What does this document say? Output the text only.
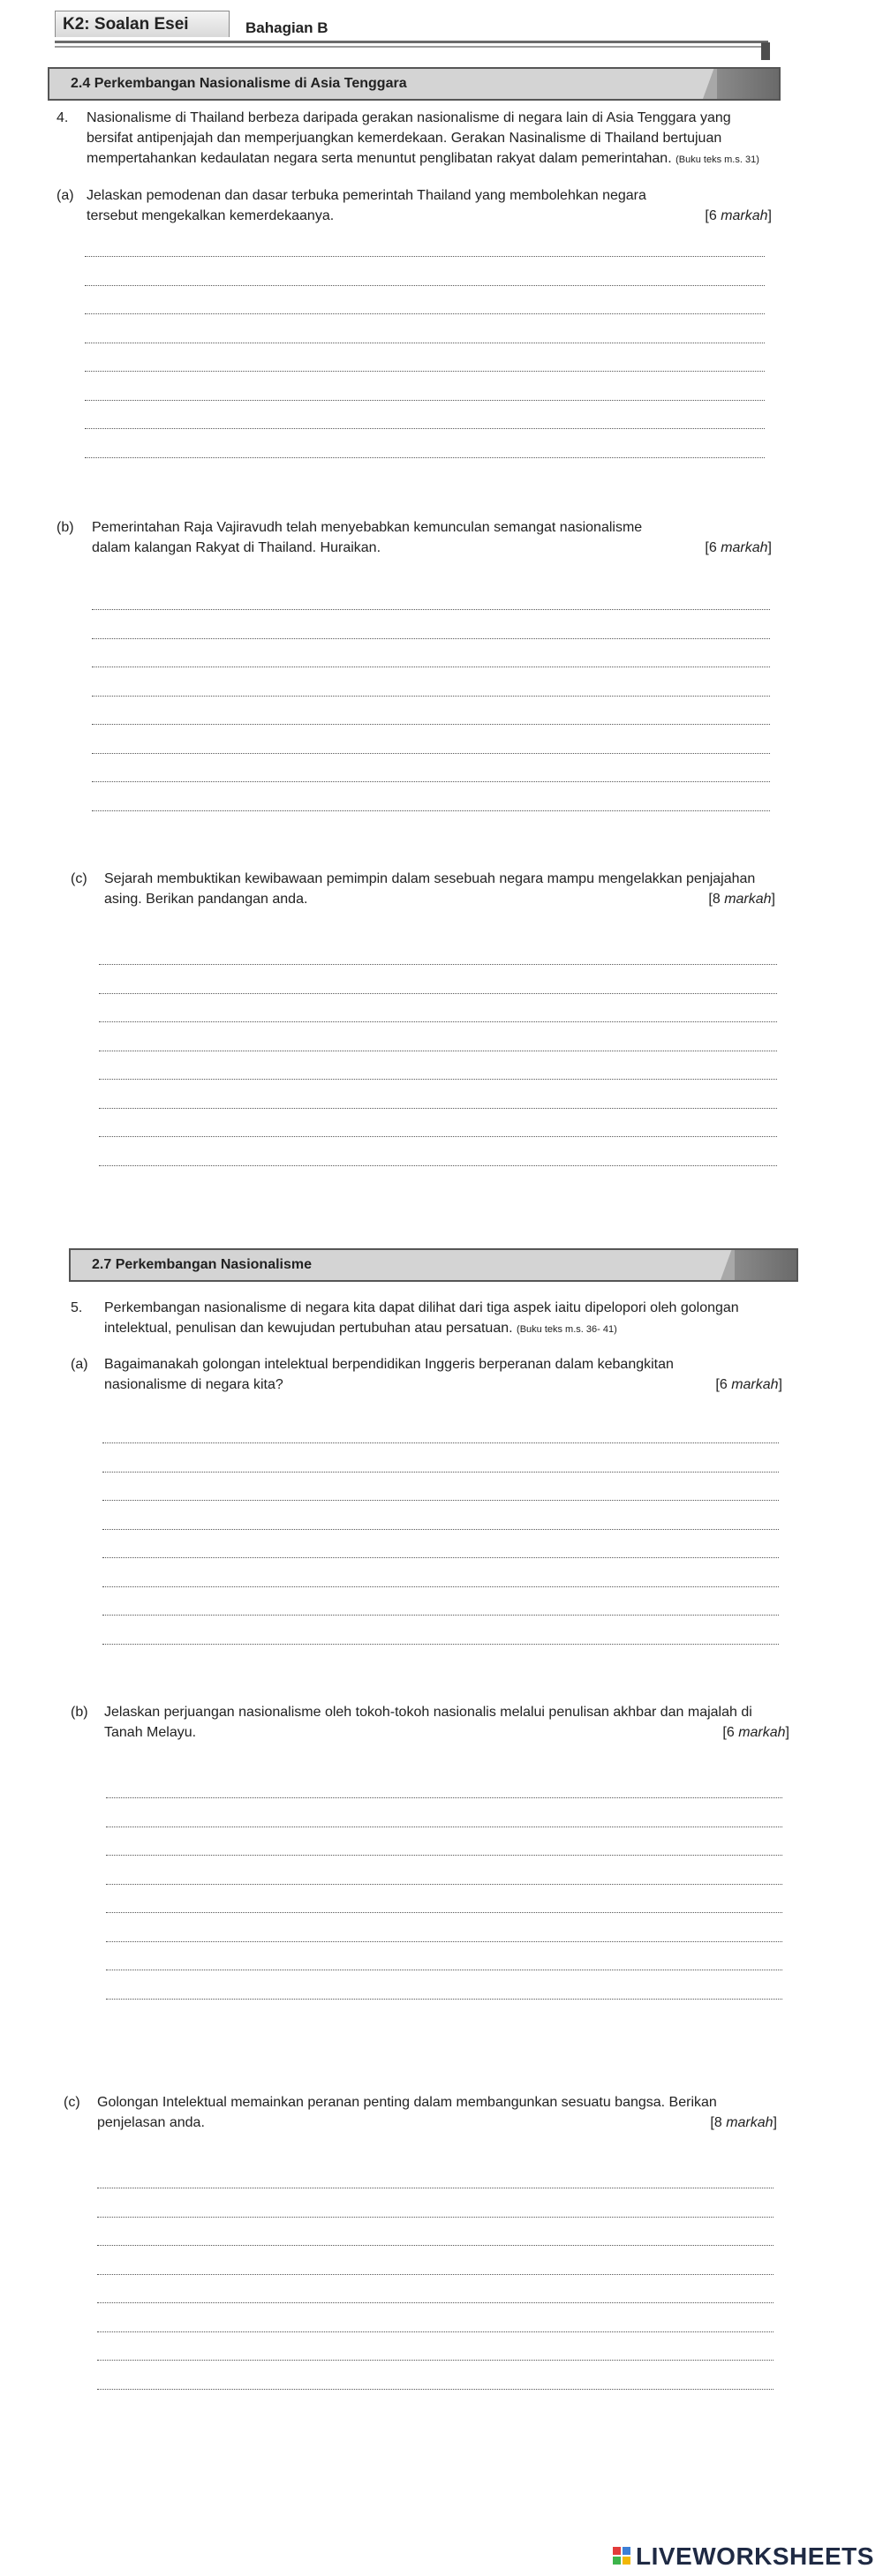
K2: Soalan Esei	Bahagian B
2.4 Perkembangan Nasionalisme di Asia Tenggara
4. Nasionalisme di Thailand berbeza daripada gerakan nasionalisme di negara lain di Asia Tenggara yang bersifat antipenjajah dan memperjuangkan kemerdekaan. Gerakan Nasinalisme di Thailand bertujuan mempertahankan kedaulatan negara serta menuntut penglibatan rakyat dalam pemerintahan. (Buku teks m.s. 31)
(a) Jelaskan pemodenan dan dasar terbuka pemerintah Thailand yang membolehkan negara tersebut mengekalkan kemerdekaanya.	[6 markah]
(b) Pemerintahan Raja Vajiravudh telah menyebabkan kemunculan semangat nasionalisme dalam kalangan Rakyat di Thailand. Huraikan.	[6 markah]
(c) Sejarah membuktikan kewibawaan pemimpin dalam sesebuah negara mampu mengelakkan penjajahan asing. Berikan pandangan anda.	[8 markah]
2.7 Perkembangan Nasionalisme
5. Perkembangan nasionalisme di negara kita dapat dilihat dari tiga aspek iaitu dipelopori oleh golongan intelektual, penulisan dan kewujudan pertubuhan atau persatuan. (Buku teks m.s. 36- 41)
(a) Bagaimanakah golongan intelektual berpendidikan Inggeris berperanan dalam kebangkitan nasionalisme di negara kita?	[6 markah]
(b) Jelaskan perjuangan nasionalisme oleh tokoh-tokoh nasionalis melalui penulisan akhbar dan majalah di Tanah Melayu.	[6 markah]
(c) Golongan Intelektual memainkan peranan penting dalam membangunkan sesuatu bangsa. Berikan penjelasan anda.	[8 markah]
LIVEWORKSHEETS
